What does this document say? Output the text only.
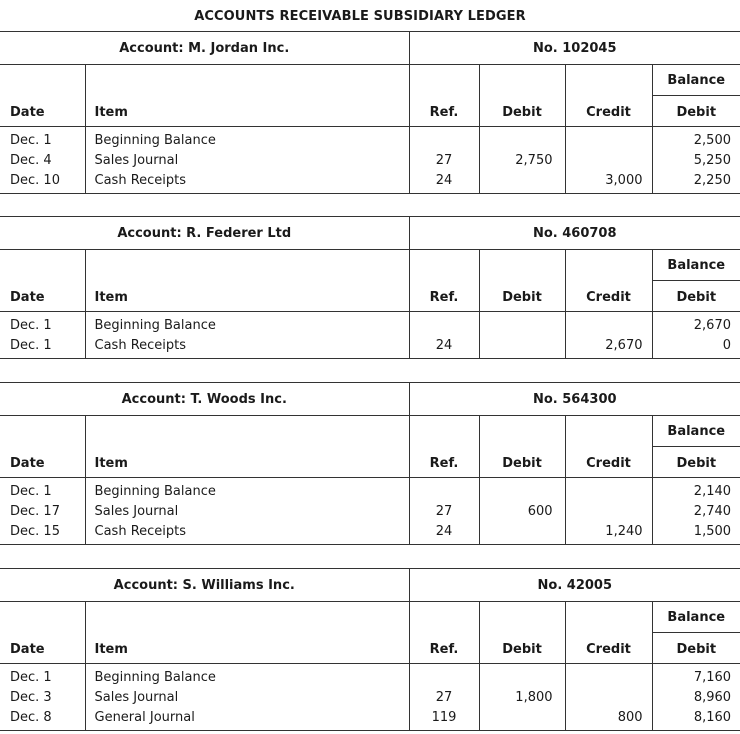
ACCOUNTS RECEIVABLE SUBSIDIARY LEDGER
Account: M. Jordan Inc.		No. 102045			
					Balance
Date	Item	Ref.	Debit	Credit	Debit
Dec. 1	Beginning Balance				2,500
Dec. 4	Sales Journal	27	2,750		5,250
Dec. 10	Cash Receipts	24		3,000	2,250
Account: R. Federer Ltd		No. 460708			
					Balance
Date	Item	Ref.	Debit	Credit	Debit
Dec. 1	Beginning Balance				2,670
Dec. 1	Cash Receipts	24		2,670	0
Account: T. Woods Inc.		No. 564300			
					Balance
Date	Item	Ref.	Debit	Credit	Debit
Dec. 1	Beginning Balance				2,140
Dec. 17	Sales Journal	27	600		2,740
Dec. 15	Cash Receipts	24		1,240	1,500
Account: S. Williams Inc.		No. 42005			
					Balance
Date	Item	Ref.	Debit	Credit	Debit
Dec. 1	Beginning Balance				7,160
Dec. 3	Sales Journal	27	1,800		8,960
Dec. 8	General Journal	119		800	8,160
